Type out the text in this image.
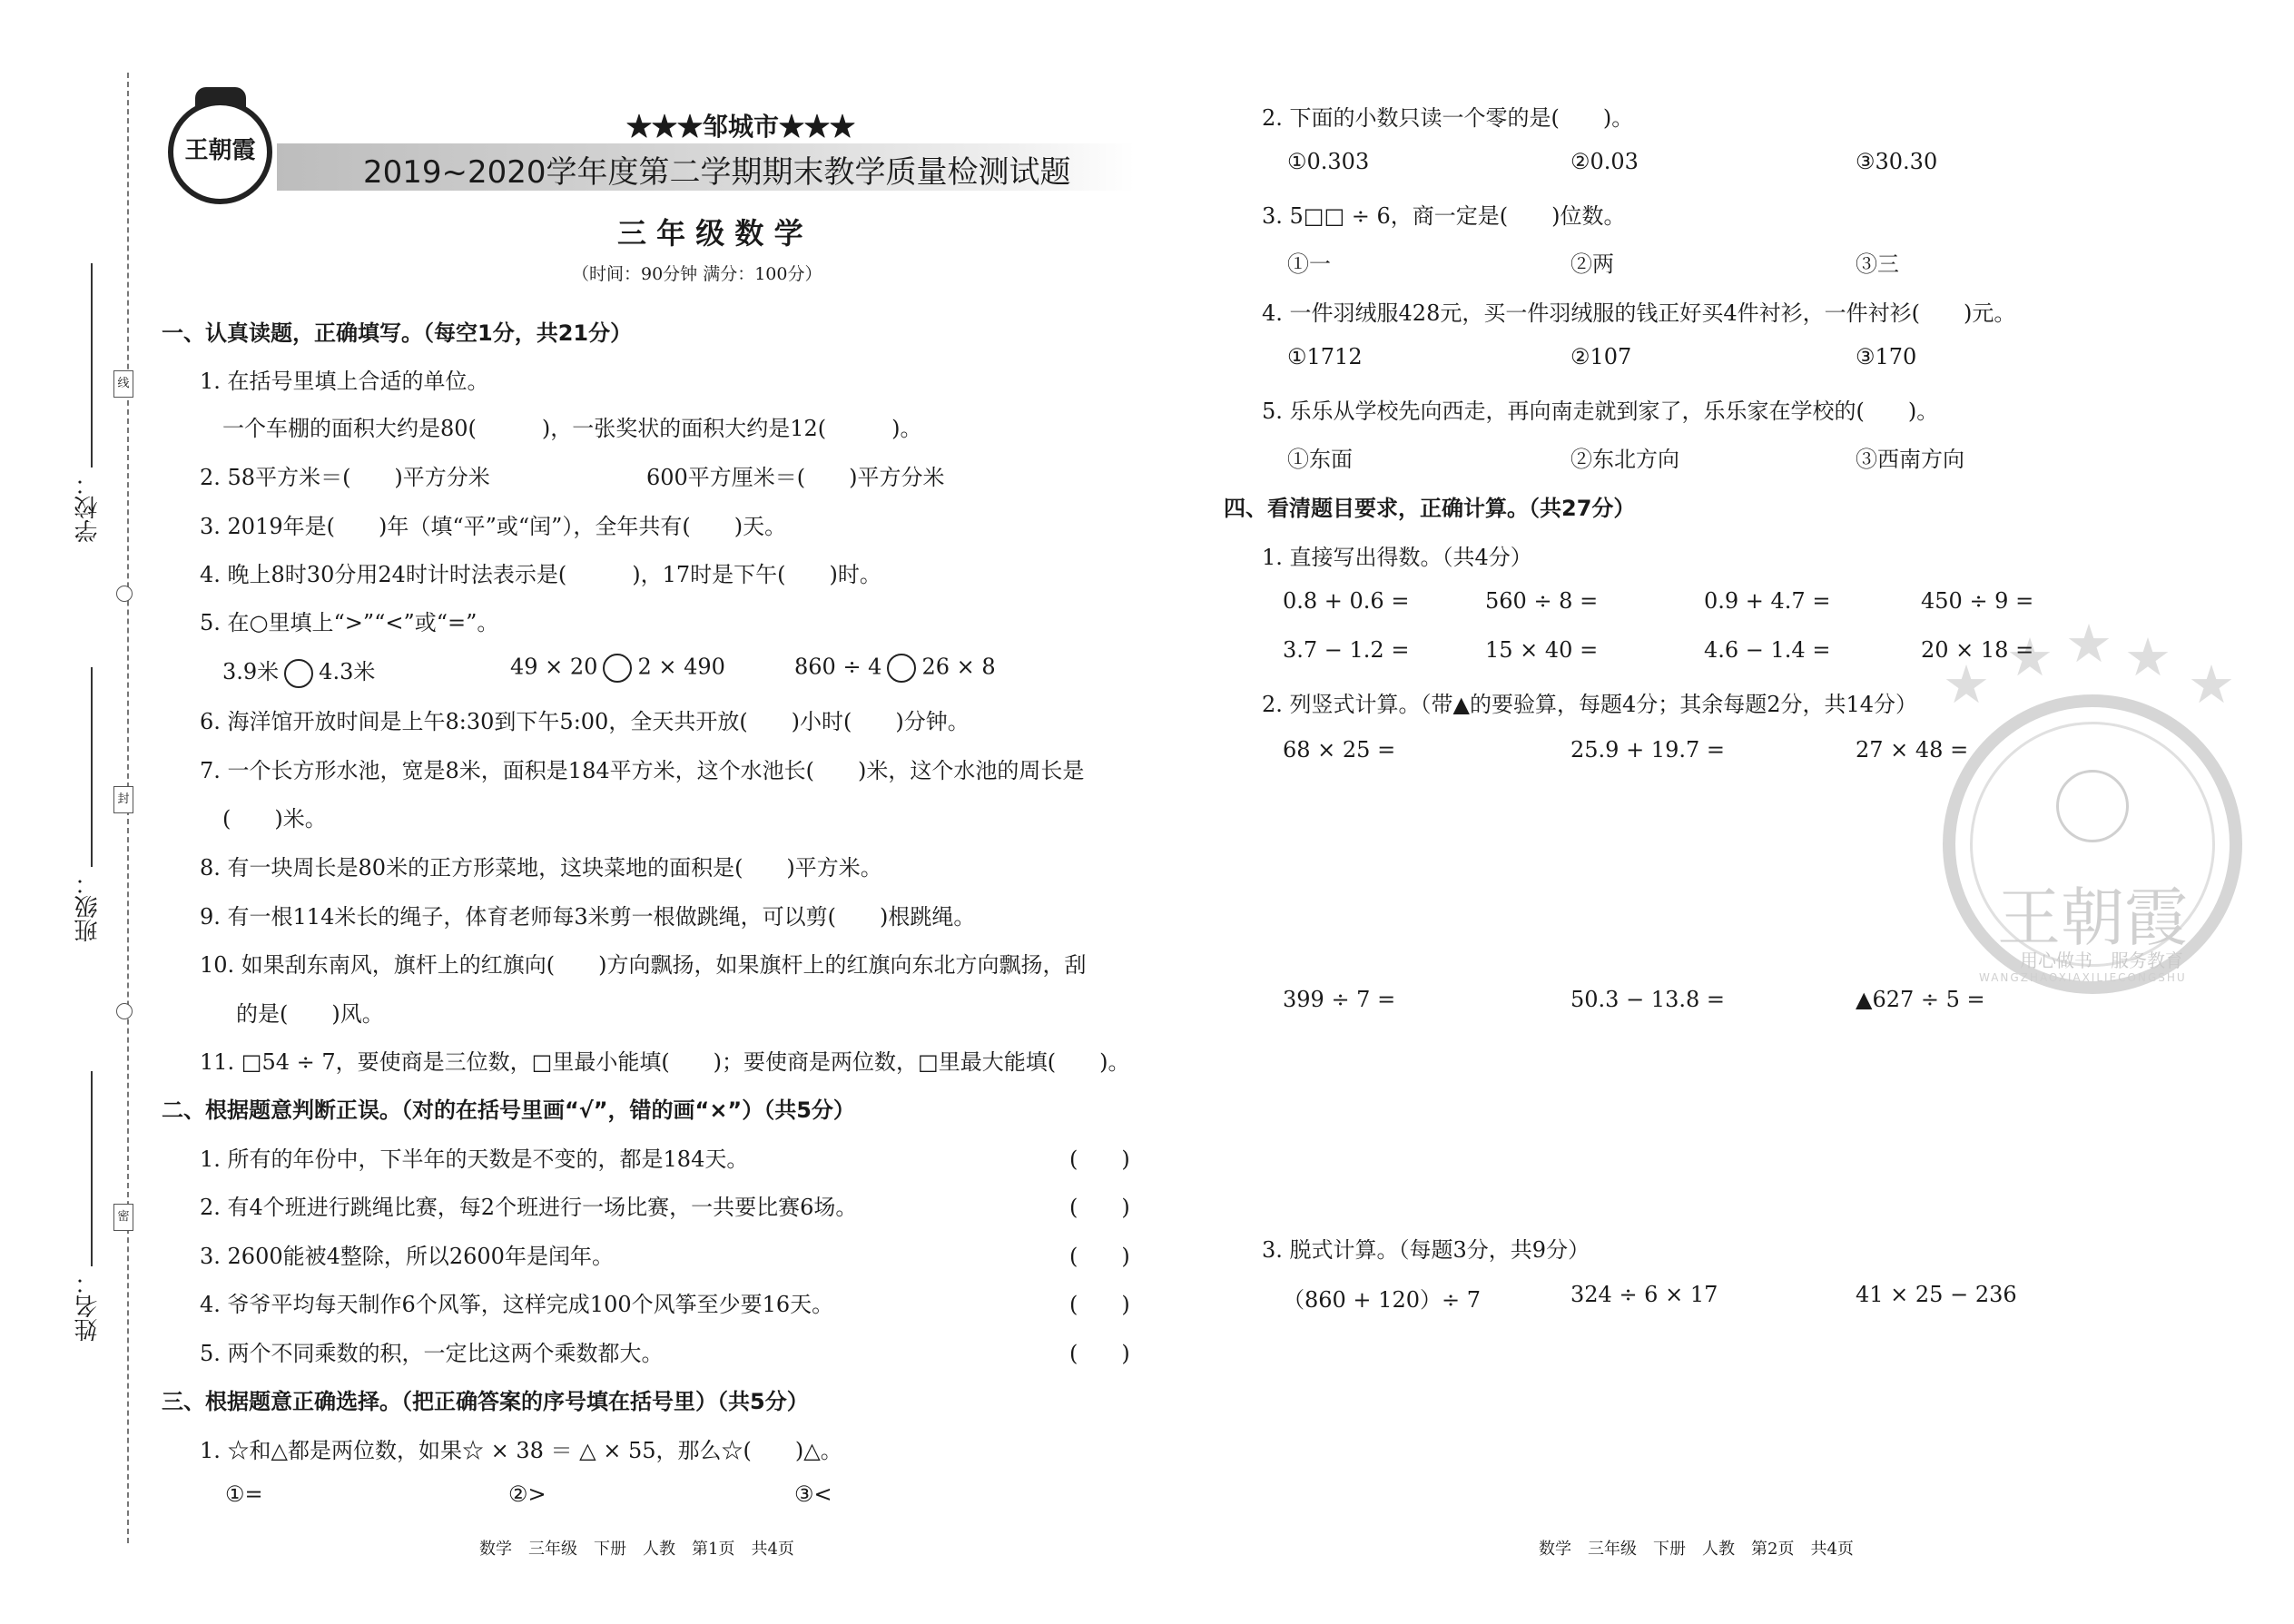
学校：
班级：
姓名：
线
封
密
王朝霞
★★★邹城市★★★
2019~2020学年度第二学期期末教学质量检测试题
三 年 级 数 学
（时间：90分钟 满分：100分）
一、认真读题，正确填写。（每空1分，共21分）
1. 在括号里填上合适的单位。
一个车棚的面积大约是80(　　　)，一张奖状的面积大约是12(　　　)。
2. 58平方米＝(　　)平方分米	600平方厘米＝(　　)平方分米
3. 2019年是(　　)年（填“平”或“闰”），全年共有(　　)天。
4. 晚上8时30分用24时计时法表示是(　　　)，17时是下午(　　)时。
5. 在○里填上“>”“<”或“=”。
3.9米 4.3米	49 × 20 2 × 490	860 ÷ 4 26 × 8
6. 海洋馆开放时间是上午8:30到下午5:00，全天共开放(　　)小时(　　)分钟。
7. 一个长方形水池，宽是8米，面积是184平方米，这个水池长(　　)米，这个水池的周长是
(　　)米。
8. 有一块周长是80米的正方形菜地，这块菜地的面积是(　　)平方米。
9. 有一根114米长的绳子，体育老师每3米剪一根做跳绳，可以剪(　　)根跳绳。
10. 如果刮东南风，旗杆上的红旗向(　　)方向飘扬，如果旗杆上的红旗向东北方向飘扬，刮
的是(　　)风。
11. □54 ÷ 7，要使商是三位数，□里最小能填(　　)；要使商是两位数，□里最大能填(　　)。
二、根据题意判断正误。（对的在括号里画“√”，错的画“×”）（共5分）
1. 所有的年份中，下半年的天数是不变的，都是184天。	(　　)
2. 有4个班进行跳绳比赛，每2个班进行一场比赛，一共要比赛6场。	(　　)
3. 2600能被4整除，所以2600年是闰年。	(　　)
4. 爷爷平均每天制作6个风筝，这样完成100个风筝至少要16天。	(　　)
5. 两个不同乘数的积，一定比这两个乘数都大。	(　　)
三、根据题意正确选择。（把正确答案的序号填在括号里）（共5分）
1. ☆和△都是两位数，如果☆ × 38 ＝ △ × 55，那么☆(　　)△。
①=	②>	③<
数学　三年级　下册　人教　第1页　共4页
★ ★ ★ ★ ★
王朝霞
用心做书　服务教育
WANGZHAOXIAXILIECONGSHU
2. 下面的小数只读一个零的是(　　)。
①0.303	②0.03	③30.30
3. 5□□ ÷ 6，商一定是(　　)位数。
①一	②两	③三
4. 一件羽绒服428元，买一件羽绒服的钱正好买4件衬衫，一件衬衫(　　)元。
①1712	②107	③170
5. 乐乐从学校先向西走，再向南走就到家了，乐乐家在学校的(　　)。
①东面	②东北方向	③西南方向
四、看清题目要求，正确计算。（共27分）
1. 直接写出得数。（共4分）
0.8 + 0.6 =	560 ÷ 8 =	0.9 + 4.7 =	450 ÷ 9 =
3.7 − 1.2 =	15 × 40 =	4.6 − 1.4 =	20 × 18 =
2. 列竖式计算。（带▲的要验算，每题4分；其余每题2分，共14分）
68 × 25 =	25.9 + 19.7 =	27 × 48 =
399 ÷ 7 =	50.3 − 13.8 =	▲627 ÷ 5 =
3. 脱式计算。（每题3分，共9分）
（860 + 120）÷ 7	324 ÷ 6 × 17	41 × 25 − 236
数学　三年级　下册　人教　第2页　共4页
